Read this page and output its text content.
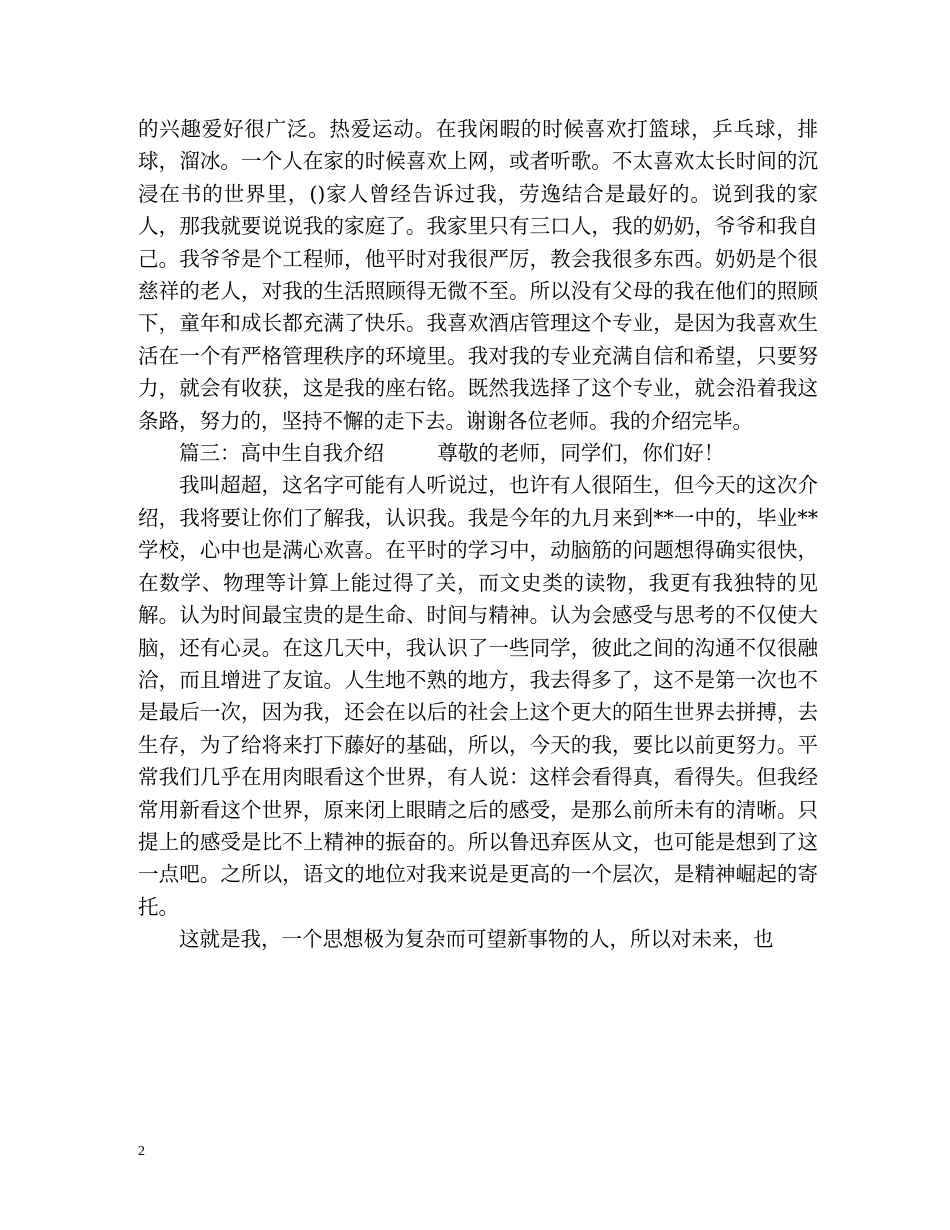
的兴趣爱好很广泛。热爱运动。在我闲暇的时候喜欢打篮球，乒乓球，排球，溜冰。一个人在家的时候喜欢上网，或者听歌。不太喜欢太长时间的沉浸在书的世界里，()家人曾经告诉过我，劳逸结合是最好的。说到我的家人，那我就要说说我的家庭了。我家里只有三口人，我的奶奶，爷爷和我自己。我爷爷是个工程师，他平时对我很严厉，教会我很多东西。奶奶是个很慈祥的老人，对我的生活照顾得无微不至。所以没有父母的我在他们的照顾下，童年和成长都充满了快乐。我喜欢酒店管理这个专业，是因为我喜欢生活在一个有严格管理秩序的环境里。我对我的专业充满自信和希望，只要努力，就会有收获，这是我的座右铭。既然我选择了这个专业，就会沿着我这条路，努力的，坚持不懈的走下去。谢谢各位老师。我的介绍完毕。

篇三：高中生自我介绍	尊敬的老师，同学们，你们好！

我叫超超，这名字可能有人听说过，也许有人很陌生，但今天的这次介绍，我将要让你们了解我，认识我。我是今年的九月来到**一中的，毕业**学校，心中也是满心欢喜。在平时的学习中，动脑筋的问题想得确实很快，在数学、物理等计算上能过得了关，而文史类的读物，我更有我独特的见解。认为时间最宝贵的是生命、时间与精神。认为会感受与思考的不仅使大脑，还有心灵。在这几天中，我认识了一些同学，彼此之间的沟通不仅很融洽，而且增进了友谊。人生地不熟的地方，我去得多了，这不是第一次也不是最后一次，因为我，还会在以后的社会上这个更大的陌生世界去拼搏，去生存，为了给将来打下藤好的基础，所以，今天的我，要比以前更努力。平常我们几乎在用肉眼看这个世界，有人说：这样会看得真，看得失。但我经常用新看这个世界，原来闭上眼睛之后的感受，是那么前所未有的清晰。只提上的感受是比不上精神的振奋的。所以鲁迅弃医从文，也可能是想到了这一点吧。之所以，语文的地位对我来说是更高的一个层次，是精神崛起的寄托。

这就是我，一个思想极为复杂而可望新事物的人，所以对未来，也

2
